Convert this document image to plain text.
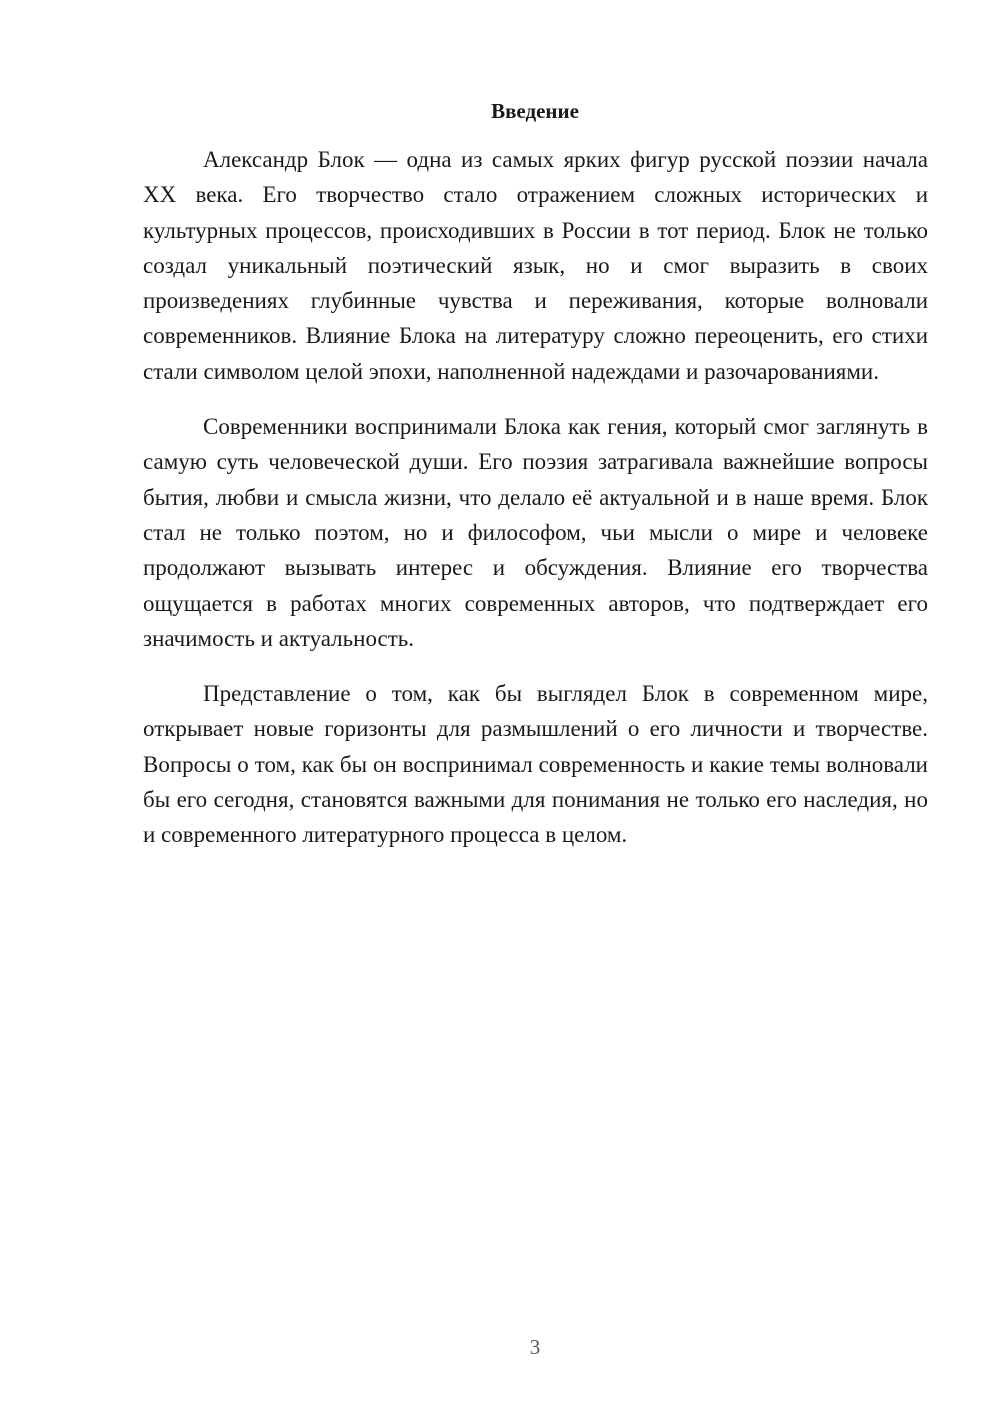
Введение

Александр Блок — одна из самых ярких фигур русской поэзии начала XX века. Его творчество стало отражением сложных исторических и культурных процессов, происходивших в России в тот период. Блок не только создал уникальный поэтический язык, но и смог выразить в своих произведениях глубинные чувства и переживания, которые волновали современников. Влияние Блока на литературу сложно переоценить, его стихи стали символом целой эпохи, наполненной надеждами и разочарованиями.

Современники воспринимали Блока как гения, который смог заглянуть в самую суть человеческой души. Его поэзия затрагивала важнейшие вопросы бытия, любви и смысла жизни, что делало её актуальной и в наше время. Блок стал не только поэтом, но и философом, чьи мысли о мире и человеке продолжают вызывать интерес и обсуждения. Влияние его творчества ощущается в работах многих современных авторов, что подтверждает его значимость и актуальность.

Представление о том, как бы выглядел Блок в современном мире, открывает новые горизонты для размышлений о его личности и творчестве. Вопросы о том, как бы он воспринимал современность и какие темы волновали бы его сегодня, становятся важными для понимания не только его наследия, но и современного литературного процесса в целом.

3
